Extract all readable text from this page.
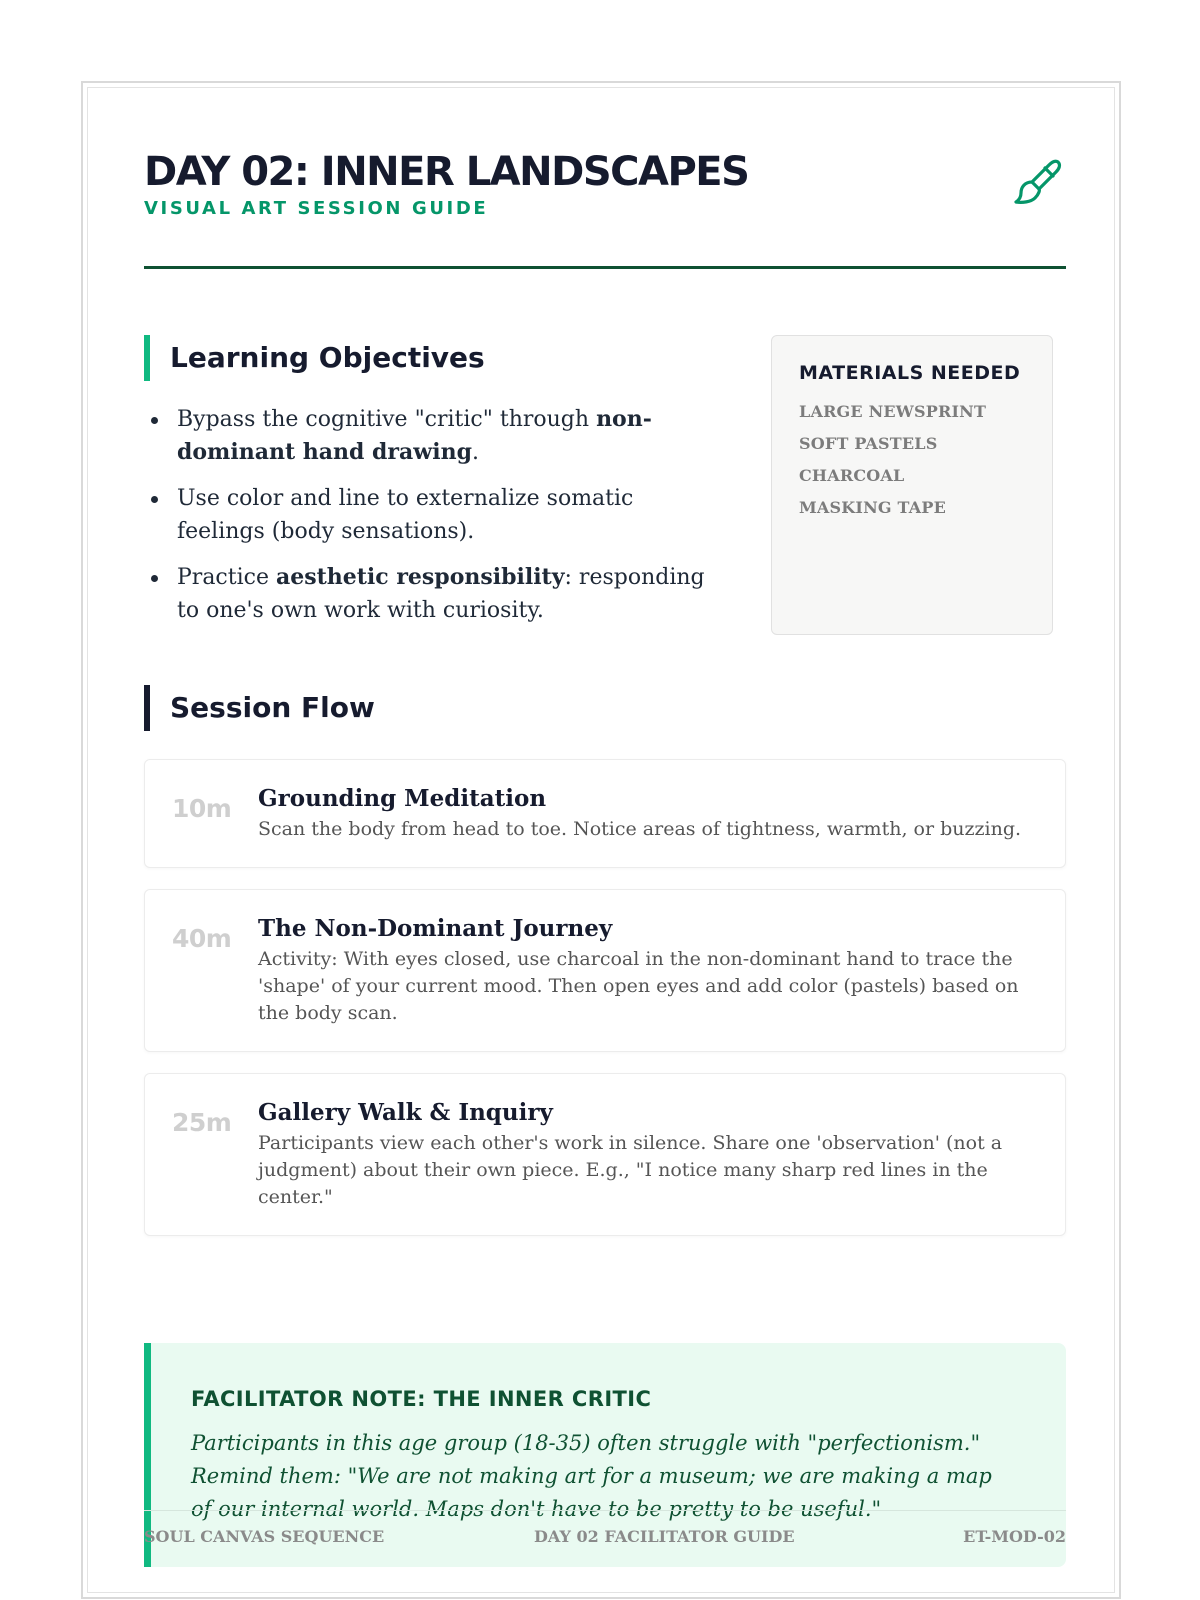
DAY 02: INNER LANDSCAPES
VISUAL ART SESSION GUIDE
Learning Objectives
Bypass the cognitive "critic" through non-dominant hand drawing.
Use color and line to externalize somatic feelings (body sensations).
Practice aesthetic responsibility: responding to one's own work with curiosity.
MATERIALS NEEDED
LARGE NEWSPRINT
SOFT PASTELS
CHARCOAL
MASKING TAPE
Session Flow
10m Grounding Meditation
Scan the body from head to toe. Notice areas of tightness, warmth, or buzzing.
40m The Non-Dominant Journey
Activity: With eyes closed, use charcoal in the non-dominant hand to trace the 'shape' of your current mood. Then open eyes and add color (pastels) based on the body scan.
25m Gallery Walk & Inquiry
Participants view each other's work in silence. Share one 'observation' (not a judgment) about their own piece. E.g., "I notice many sharp red lines in the center."
FACILITATOR NOTE: THE INNER CRITIC

Participants in this age group (18-35) often struggle with "perfectionism." Remind them: "We are not making art for a museum; we are making a map of our internal world. Maps don't have to be pretty to be useful."

SOUL CANVAS SEQUENCE	DAY 02 FACILITATOR GUIDE	ET-MOD-02
